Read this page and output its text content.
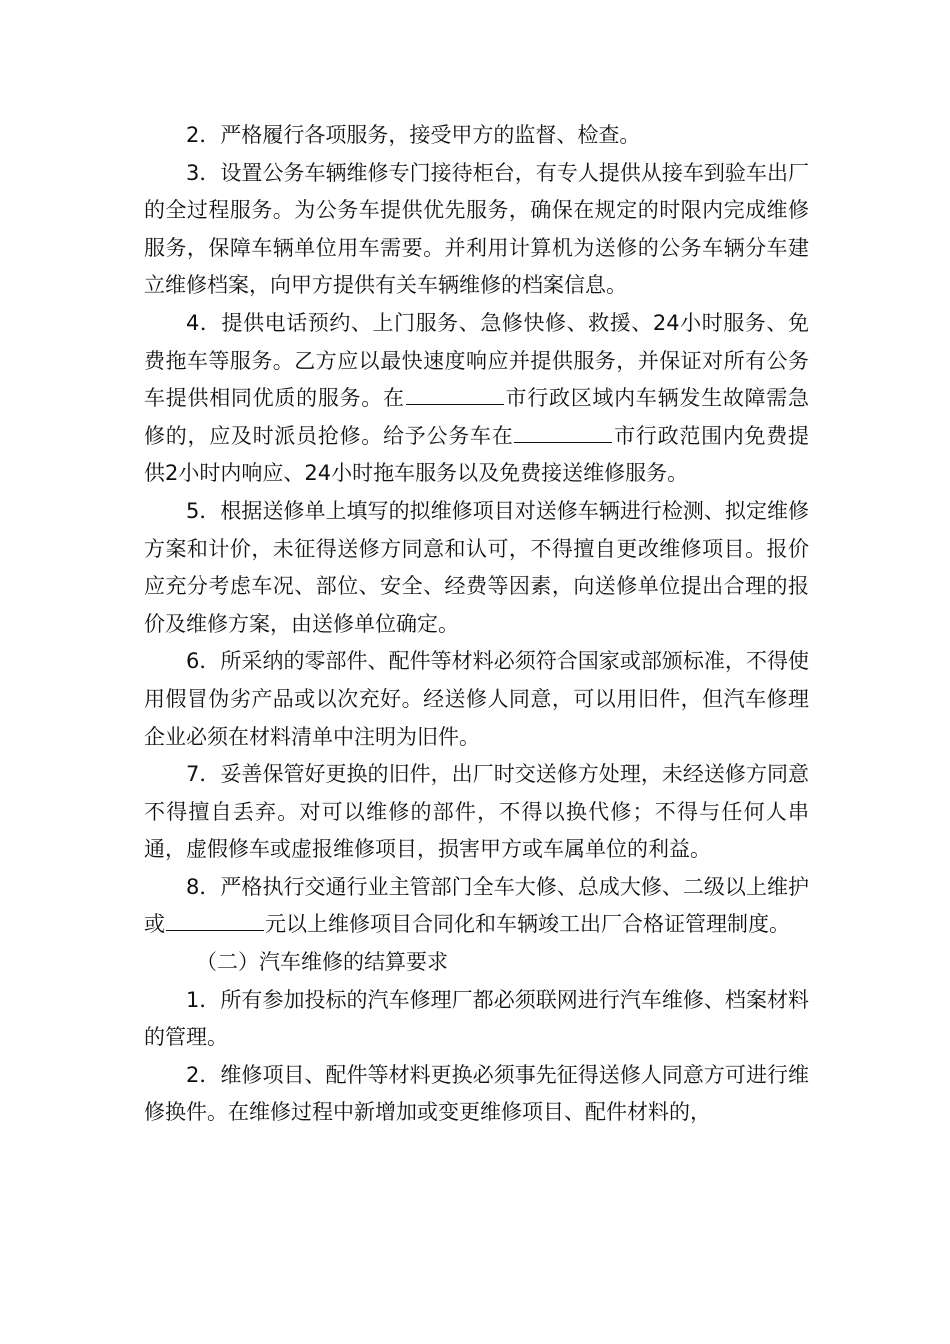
2．严格履行各项服务，接受甲方的监督、检查。

3．设置公务车辆维修专门接待柜台，有专人提供从接车到验车出厂的全过程服务。为公务车提供优先服务，确保在规定的时限内完成维修服务，保障车辆单位用车需要。并利用计算机为送修的公务车辆分车建立维修档案，向甲方提供有关车辆维修的档案信息。

4．提供电话预约、上门服务、急修快修、救援、24小时服务、免费拖车等服务。乙方应以最快速度响应并提供服务，并保证对所有公务车提供相同优质的服务。在	市行政区域内车辆发生故障需急修的，应及时派员抢修。给予公务车在	市行政范围内免费提供2小时内响应、24小时拖车服务以及免费接送维修服务。

5．根据送修单上填写的拟维修项目对送修车辆进行检测、拟定维修方案和计价，未征得送修方同意和认可，不得擅自更改维修项目。报价应充分考虑车况、部位、安全、经费等因素，向送修单位提出合理的报价及维修方案，由送修单位确定。

6．所采纳的零部件、配件等材料必须符合国家或部颁标准，不得使用假冒伪劣产品或以次充好。经送修人同意，可以用旧件，但汽车修理企业必须在材料清单中注明为旧件。

7．妥善保管好更换的旧件，出厂时交送修方处理，未经送修方同意不得擅自丢弃。对可以维修的部件，不得以换代修；不得与任何人串通，虚假修车或虚报维修项目，损害甲方或车属单位的利益。

8．严格执行交通行业主管部门全车大修、总成大修、二级以上维护或	元以上维修项目合同化和车辆竣工出厂合格证管理制度。

（二）汽车维修的结算要求

1．所有参加投标的汽车修理厂都必须联网进行汽车维修、档案材料的管理。

2．维修项目、配件等材料更换必须事先征得送修人同意方可进行维修换件。在维修过程中新增加或变更维修项目、配件材料的，
